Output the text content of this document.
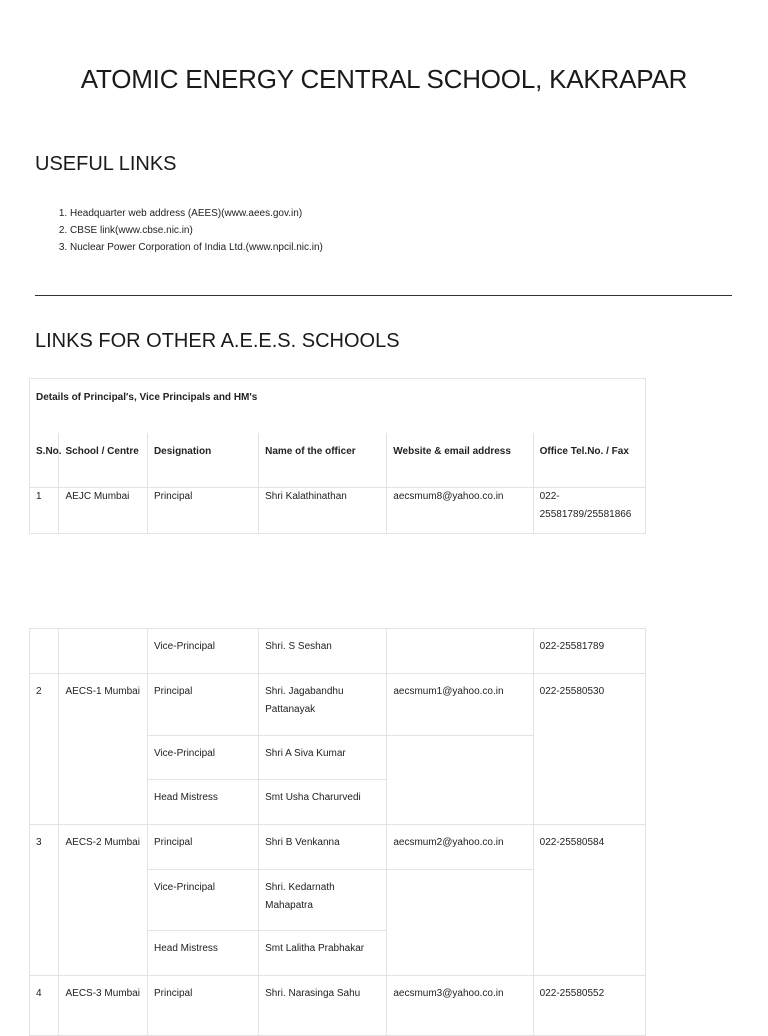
ATOMIC ENERGY CENTRAL SCHOOL, KAKRAPAR
USEFUL LINKS
1. Headquarter web address (AEES)(www.aees.gov.in)
2. CBSE link(www.cbse.nic.in)
3. Nuclear Power Corporation of India Ltd.(www.npcil.nic.in)
LINKS FOR OTHER A.E.E.S. SCHOOLS
Details of Principal's, Vice Principals and HM's					
S.No.	School / Centre	Designation	Name of the officer	Website & email address	Office Tel.No. / Fax
1	AEJC Mumbai	Principal	Shri Kalathinathan	aecsmum8@yahoo.co.in	022-25581789/25581866
		Vice-Principal	Shri. S Seshan		022-25581789
2	AECS-1 Mumbai	Principal	Shri. Jagabandhu Pattanayak	aecsmum1@yahoo.co.in	022-25580530
		Vice-Principal	Shri A Siva Kumar		
		Head Mistress	Smt Usha Charurvedi		
3	AECS-2 Mumbai	Principal	Shri B Venkanna	aecsmum2@yahoo.co.in	022-25580584
		Vice-Principal	Shri. Kedarnath Mahapatra		
		Head Mistress	Smt Lalitha Prabhakar		
4	AECS-3 Mumbai	Principal	Shri. Narasinga Sahu	aecsmum3@yahoo.co.in	022-25580552
